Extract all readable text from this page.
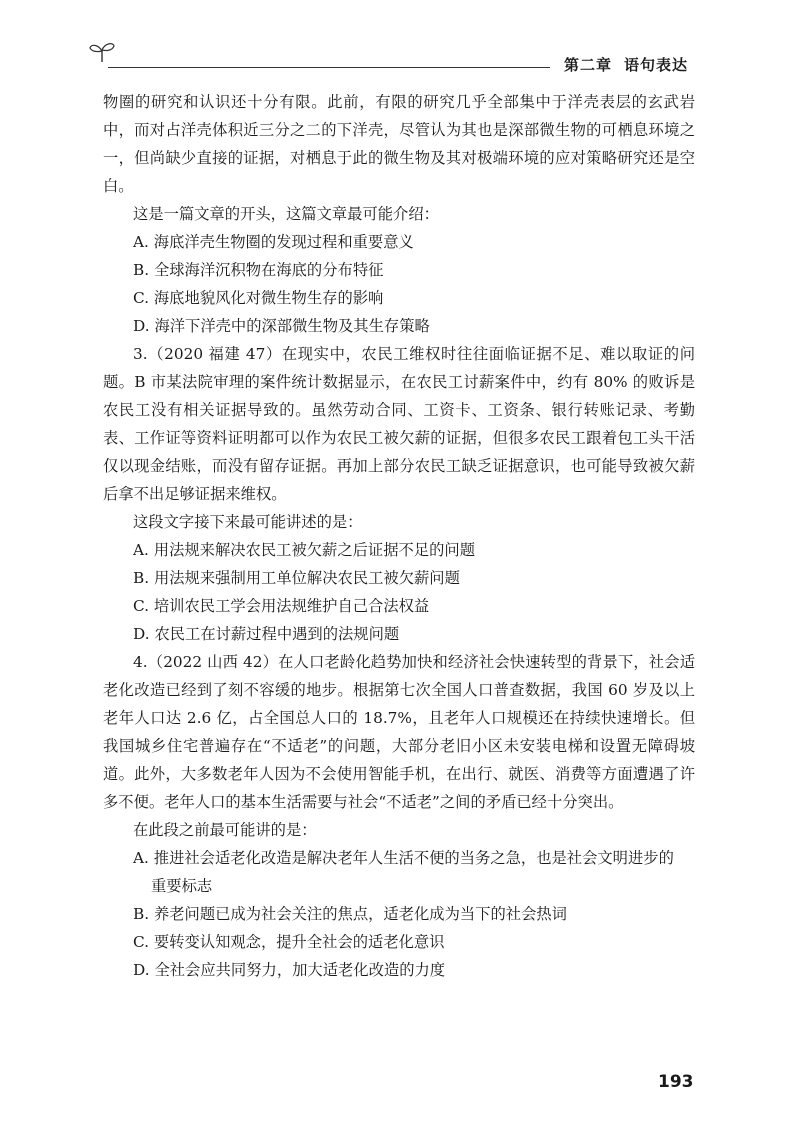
第二章 语句表达

物圈的研究和认识还十分有限。此前，有限的研究几乎全部集中于洋壳表层的玄武岩中，而对占洋壳体积近三分之二的下洋壳，尽管认为其也是深部微生物的可栖息环境之一，但尚缺少直接的证据，对栖息于此的微生物及其对极端环境的应对策略研究还是空白。

这是一篇文章的开头，这篇文章最可能介绍：

A. 海底洋壳生物圈的发现过程和重要意义

B. 全球海洋沉积物在海底的分布特征

C. 海底地貌风化对微生物生存的影响

D. 海洋下洋壳中的深部微生物及其生存策略

3.（2020 福建 47）在现实中，农民工维权时往往面临证据不足、难以取证的问题。B 市某法院审理的案件统计数据显示，在农民工讨薪案件中，约有 80% 的败诉是农民工没有相关证据导致的。虽然劳动合同、工资卡、工资条、银行转账记录、考勤表、工作证等资料证明都可以作为农民工被欠薪的证据，但很多农民工跟着包工头干活仅以现金结账，而没有留存证据。再加上部分农民工缺乏证据意识，也可能导致被欠薪后拿不出足够证据来维权。

这段文字接下来最可能讲述的是：

A. 用法规来解决农民工被欠薪之后证据不足的问题

B. 用法规来强制用工单位解决农民工被欠薪问题

C. 培训农民工学会用法规维护自己合法权益

D. 农民工在讨薪过程中遇到的法规问题

4.（2022 山西 42）在人口老龄化趋势加快和经济社会快速转型的背景下，社会适老化改造已经到了刻不容缓的地步。根据第七次全国人口普查数据，我国 60 岁及以上老年人口达 2.6 亿，占全国总人口的 18.7%，且老年人口规模还在持续快速增长。但我国城乡住宅普遍存在“不适老”的问题，大部分老旧小区未安装电梯和设置无障碍坡道。此外，大多数老年人因为不会使用智能手机，在出行、就医、消费等方面遭遇了许多不便。老年人口的基本生活需要与社会“不适老”之间的矛盾已经十分突出。

在此段之前最可能讲的是：

A. 推进社会适老化改造是解决老年人生活不便的当务之急，也是社会文明进步的
重要标志

B. 养老问题已成为社会关注的焦点，适老化成为当下的社会热词

C. 要转变认知观念，提升全社会的适老化意识

D. 全社会应共同努力，加大适老化改造的力度

193
